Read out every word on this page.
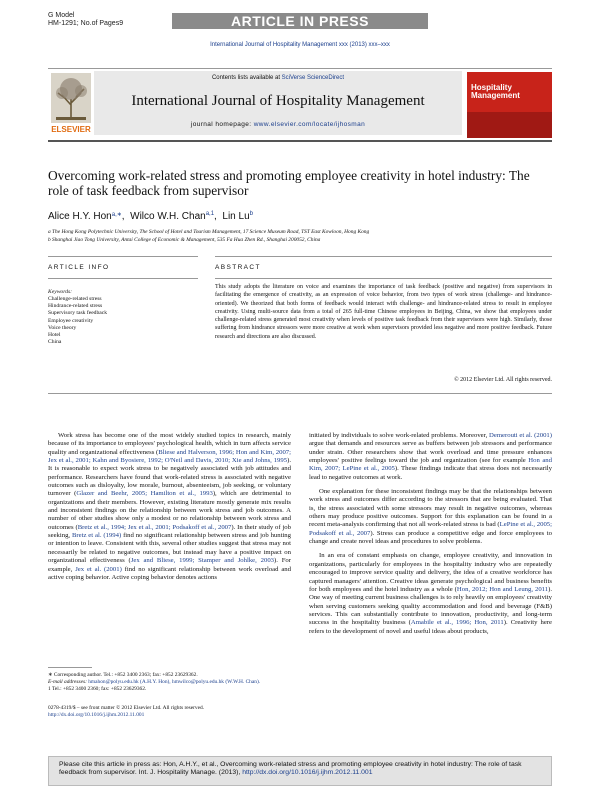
G Model
HM-1291; No.of Pages9	ARTICLE IN PRESS
International Journal of Hospitality Management xxx (2013) xxx–xxx
ELSEVIER
Contents lists available at SciVerse ScienceDirect
International Journal of Hospitality Management
journal homepage: www.elsevier.com/locate/ijhosman
Hospitality Management
Overcoming work-related stress and promoting employee creativity in hotel industry: The role of task feedback from supervisor
Alice H.Y. Hon$^{a,∗}$,  Wilco W.H. Chan$^{a,1}$,  Lin Lu$^b$
a The Hong Kong Polytechnic University, The School of Hotel and Tourism Management, 17 Science Museum Road, TST East Kowloon, Hong Kong
b Shanghai Jiao Tong University, Antai College of Economic & Management, 535 Fa Hua Zhen Rd., Shanghai 200052, China
ARTICLE INFO
Keywords:
Challenge-related stress
Hindrance-related stress
Supervisory task feedback
Employee creativity
Voice theory
Hotel
China
ABSTRACT
This study adopts the literature on voice and examines the importance of task feedback (positive and negative) from supervisors in facilitating the emergence of creativity, as an expression of voice behavior, from two types of work stress (challenge- and hindrance-oriented). We theorized that both forms of feedback would interact with challenge- and hindrance-related stress to result in employee creativity. Using multi-source data from a total of 265 full-time Chinese employees in Beijing, China, we show that employees under challenge-related stress generated most creativity when levels of positive task feedback from their supervisors were high. Similarly, those suffering from hindrance stressors were more creative at work when supervisors provided less negative and more positive feedback. Future research and directions are also discussed.
© 2012 Elsevier Ltd. All rights reserved.

Work stress has become one of the most widely studied topics in research, mainly because of its importance to employees' psychological health, which in turn affects service quality and organizational effectiveness (Bliese and Halverson, 1996; Hon and Kim, 2007; Jex et al., 2001; Kahn and Byosiere, 1992; O'Neil and Davis, 2010; Xie and Johns, 1995). It is reasonable to expect work stress to be negatively associated with job attitudes and performance. Researchers have found that work-related stress is associated with negative outcomes such as disloyalty, low morale, burnout, absenteeism, job seeking, or voluntary turnover (Glazer and Beehr, 2005; Hamilton et al., 1993), which are detrimental to organizations and their members. However, existing literature mostly generate mix results and inconsistent findings on the relationship between work stress and job outcomes. A number of other studies show only a modest or no relationship between work stress and outcomes (Bretz et al., 1994; Jex et al., 2001; Podsakoff et al., 2007). In their study of job seeking, Bretz et al. (1994) find no significant relationship between stress and job hunting or intention to leave. Consistent with this, several other studies suggest that stress may not necessarily be related to negative outcomes, but instead may have a positive impact on organizational effectiveness (Jex and Bliese, 1999; Stamper and Johlke, 2003). For example, Jex et al. (2001) find no significant relationship between work overload and active coping behavior. Active coping behavior denotes actions

initiated by individuals to solve work-related problems. Moreover, Demerouti et al. (2001) argue that demands and resources serve as buffers between job stressors and performance under strain. Other researchers show that work overload and time pressure enhances employees' positive feelings toward the job and organization (see for example Hon and Kim, 2007; LePine et al., 2005). These findings indicate that stress does not necessarily lead to negative outcomes at work.

One explanation for these inconsistent findings may be that the relationships between work stress and outcomes differ according to the stressors that are being evaluated. That is, the stress associated with some stressors may result in negative outcomes, whereas others may produce positive outcomes. Support for this explanation can be found in a recent meta-analysis confirming that not all work-related stress is bad (LePine et al., 2005; Podsakoff et al., 2007). Stress can produce a competitive edge and force employees to change and create novel ideas and procedures to solve problems.

In an era of constant emphasis on change, employee creativity, and innovation in organizations, particularly for employees in the hospitality industry who are repeatedly encouraged to improve service quality and delivery, the idea of a creative workforce has captured managers' attention. Creative ideas generate psychological and business benefits for both employees and the hotel industry as a whole (Hon, 2012; Hon and Leung, 2011). One way of meeting current business challenges is to rely heavily on employees' creativity when serving customers seeking quality accommodation and food and beverage (F&B) services. This can substantially contribute to innovation, productivity, and long-term success in the hospitality business (Amabile et al., 1996; Hon, 2011). Creativity here refers to the development of novel and useful ideas about products,

∗ Corresponding author. Tel.: +852 3400 2363; fax: +852 23629362.
E-mail addresses: hmahon@polyu.edu.hk (A.H.Y. Hon), hmwilco@polyu.edu.hk (W.W.H. Chan).
1 Tel.: +852 3400 2360; fax: +852 23629362.
0278-4319/$ – see front matter © 2012 Elsevier Ltd. All rights reserved.
http://dx.doi.org/10.1016/j.ijhm.2012.11.001
Please cite this article in press as: Hon, A.H.Y., et al., Overcoming work-related stress and promoting employee creativity in hotel industry: The role of task feedback from supervisor. Int. J. Hospitality Manage. (2013), http://dx.doi.org/10.1016/j.ijhm.2012.11.001
